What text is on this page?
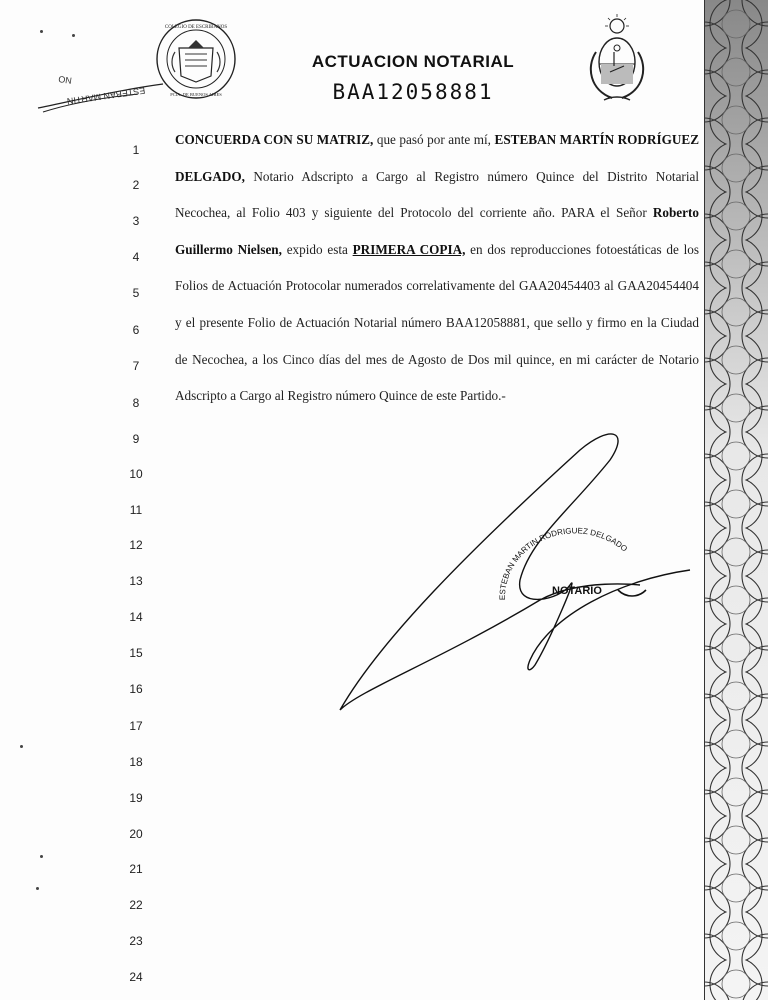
COLEGIO DE ESCRIBANOS
PCIA. DE BUENOS AIRES
ON
ESTEBAN MARTIN
ACTUACION NOTARIAL
BAA12058881
1
2
3
4
5
6
7
8
9
10
11
12
13
14
15
16
17
18
19
20
21
22
23
24
CONCUERDA CON SU MATRIZ, que pasó por ante mí, ESTEBAN MARTÍN RODRÍGUEZ DELGADO, Notario Adscripto a Cargo al Registro número Quince del Distrito Notarial Necochea, al Folio 403 y siguiente del Protocolo del corriente año. PARA el Señor Roberto Guillermo Nielsen, expido esta PRIMERA COPIA, en dos reproducciones fotoestáticas de los Folios de Actuación Protocolar numerados correlativamente del GAA20454403 al GAA20454404 y el presente Folio de Actuación Notarial número BAA12058881, que sello y firmo en la Ciudad de Necochea, a los Cinco días del mes de Agosto de Dos mil quince, en mi carácter de Notario Adscripto a Cargo al Registro número Quince de este Partido.-
ESTEBAN MARTIN RODRIGUEZ DELGADO
NOTARIO
